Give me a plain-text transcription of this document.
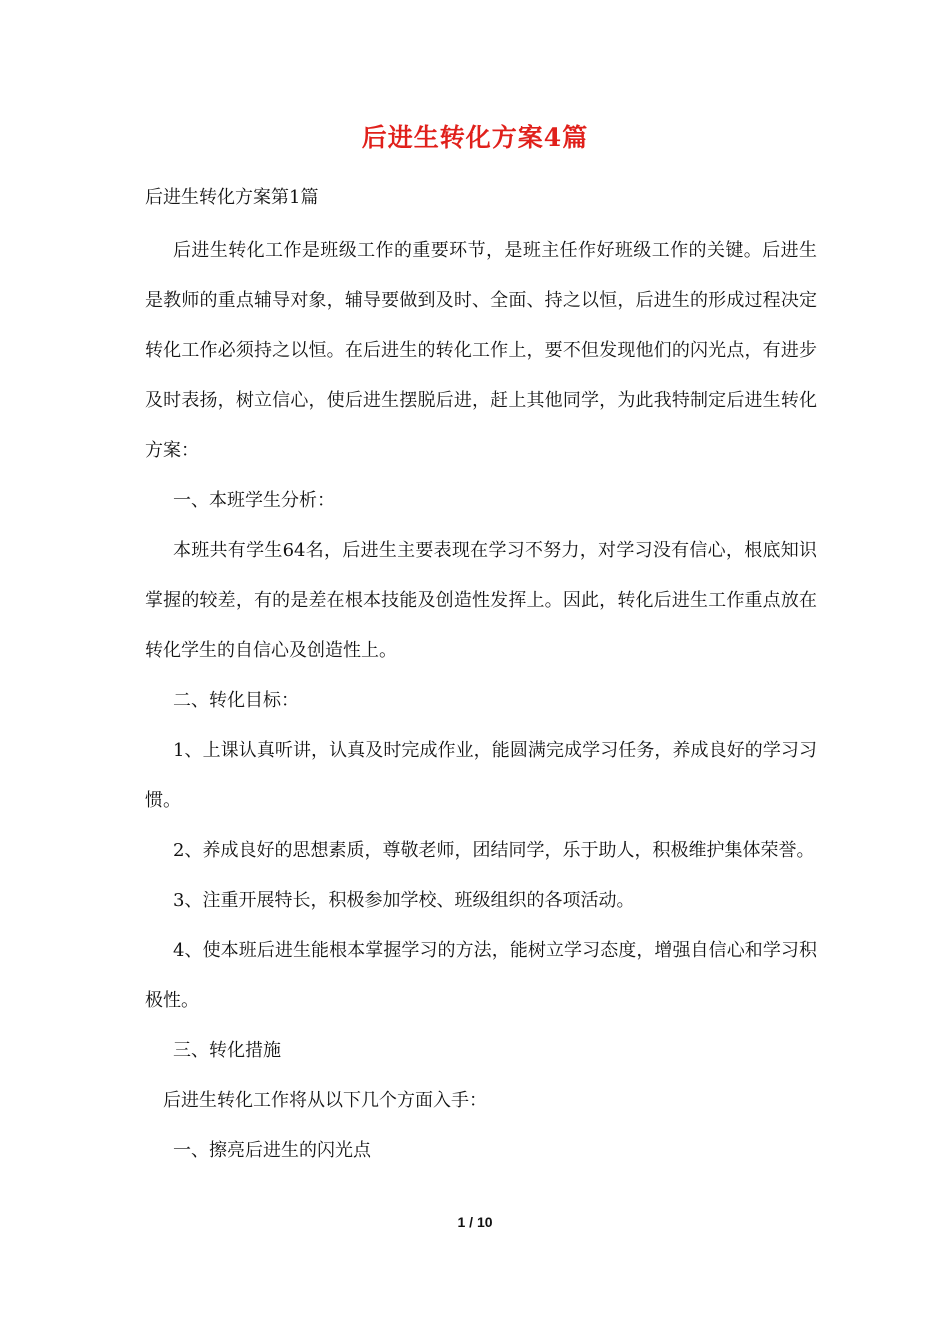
后进生转化方案4篇

后进生转化方案第1篇

后进生转化工作是班级工作的重要环节，是班主任作好班级工作的关键。后进生是教师的重点辅导对象，辅导要做到及时、全面、持之以恒，后进生的形成过程决定转化工作必须持之以恒。在后进生的转化工作上，要不但发现他们的闪光点，有进步及时表扬，树立信心，使后进生摆脱后进，赶上其他同学，为此我特制定后进生转化方案：

一、本班学生分析：

本班共有学生64名，后进生主要表现在学习不努力，对学习没有信心，根底知识掌握的较差，有的是差在根本技能及创造性发挥上。因此，转化后进生工作重点放在转化学生的自信心及创造性上。

二、转化目标：

1、上课认真听讲，认真及时完成作业，能圆满完成学习任务，养成良好的学习习惯。

2、养成良好的思想素质，尊敬老师，团结同学，乐于助人，积极维护集体荣誉。

3、注重开展特长，积极参加学校、班级组织的各项活动。

4、使本班后进生能根本掌握学习的方法，能树立学习态度，增强自信心和学习积极性。

三、转化措施

后进生转化工作将从以下几个方面入手：

一、擦亮后进生的闪光点

1 / 10
